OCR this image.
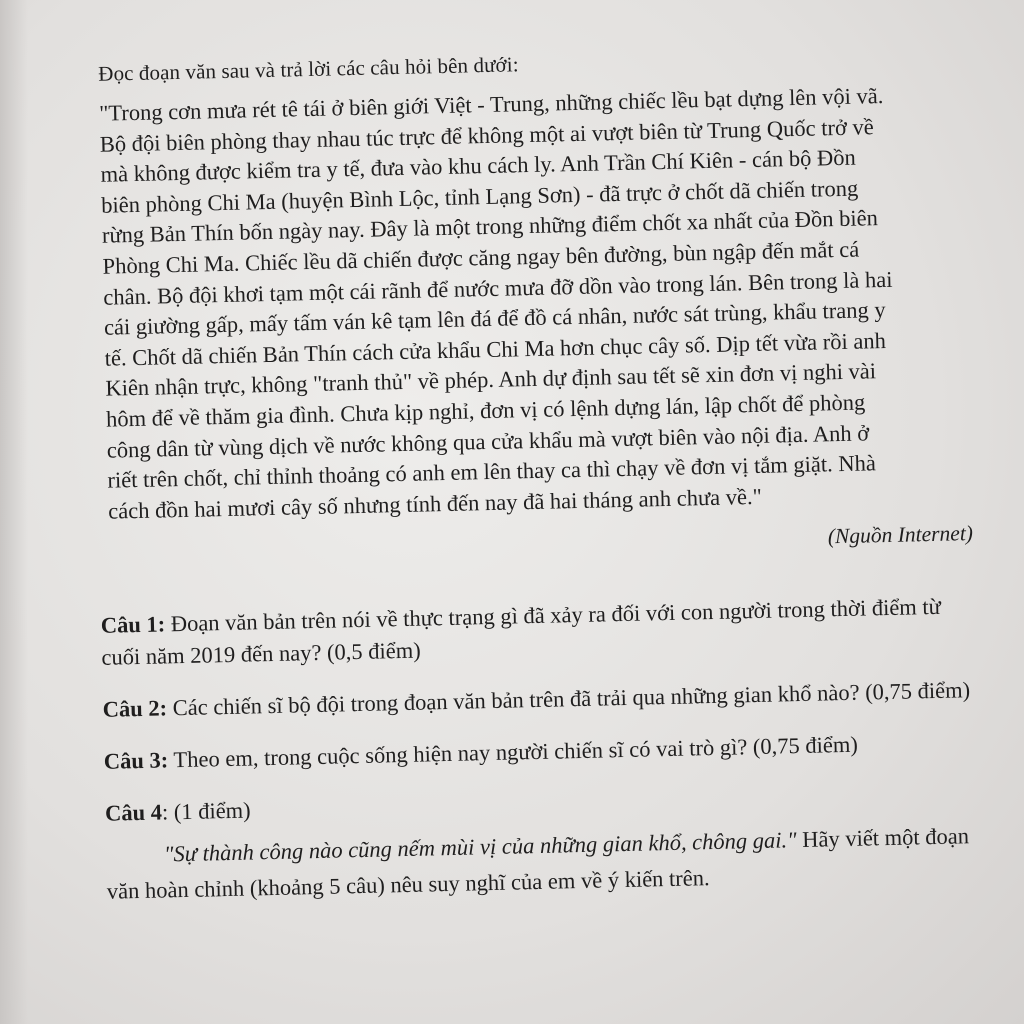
Đọc đoạn văn sau và trả lời các câu hỏi bên dưới:

"Trong cơn mưa rét tê tái ở biên giới Việt - Trung, những chiếc lều bạt dựng lên vội vã.
Bộ đội biên phòng thay nhau túc trực để không một ai vượt biên từ Trung Quốc trở về
mà không được kiểm tra y tế, đưa vào khu cách ly. Anh Trần Chí Kiên - cán bộ Đồn
biên phòng Chi Ma (huyện Bình Lộc, tỉnh Lạng Sơn) - đã trực ở chốt dã chiến trong
rừng Bản Thín bốn ngày nay. Đây là một trong những điểm chốt xa nhất của Đồn biên
Phòng Chi Ma. Chiếc lều dã chiến được căng ngay bên đường, bùn ngập đến mắt cá
chân. Bộ đội khơi tạm một cái rãnh để nước mưa đỡ dồn vào trong lán. Bên trong là hai
cái giường gấp, mấy tấm ván kê tạm lên đá để đồ cá nhân, nước sát trùng, khẩu trang y
tế. Chốt dã chiến Bản Thín cách cửa khẩu Chi Ma hơn chục cây số. Dịp tết vừa rồi anh
Kiên nhận trực, không "tranh thủ" về phép. Anh dự định sau tết sẽ xin đơn vị nghi vài
hôm để về thăm gia đình. Chưa kịp nghỉ, đơn vị có lệnh dựng lán, lập chốt để phòng
công dân từ vùng dịch về nước không qua cửa khẩu mà vượt biên vào nội địa. Anh ở
riết trên chốt, chỉ thỉnh thoảng có anh em lên thay ca thì chạy về đơn vị tắm giặt. Nhà
cách đồn hai mươi cây số nhưng tính đến nay đã hai tháng anh chưa về."

(Nguồn Internet)

Câu 1: Đoạn văn bản trên nói về thực trạng gì đã xảy ra đối với con người trong thời điểm từ cuối năm 2019 đến nay? (0,5 điểm)

Câu 2: Các chiến sĩ bộ đội trong đoạn văn bản trên đã trải qua những gian khổ nào? (0,75 điểm)

Câu 3: Theo em, trong cuộc sống hiện nay người chiến sĩ có vai trò gì? (0,75 điểm)

Câu 4: (1 điểm)

"Sự thành công nào cũng nếm mùi vị của những gian khổ, chông gai." Hãy viết một đoạn văn hoàn chỉnh (khoảng 5 câu) nêu suy nghĩ của em về ý kiến trên.
